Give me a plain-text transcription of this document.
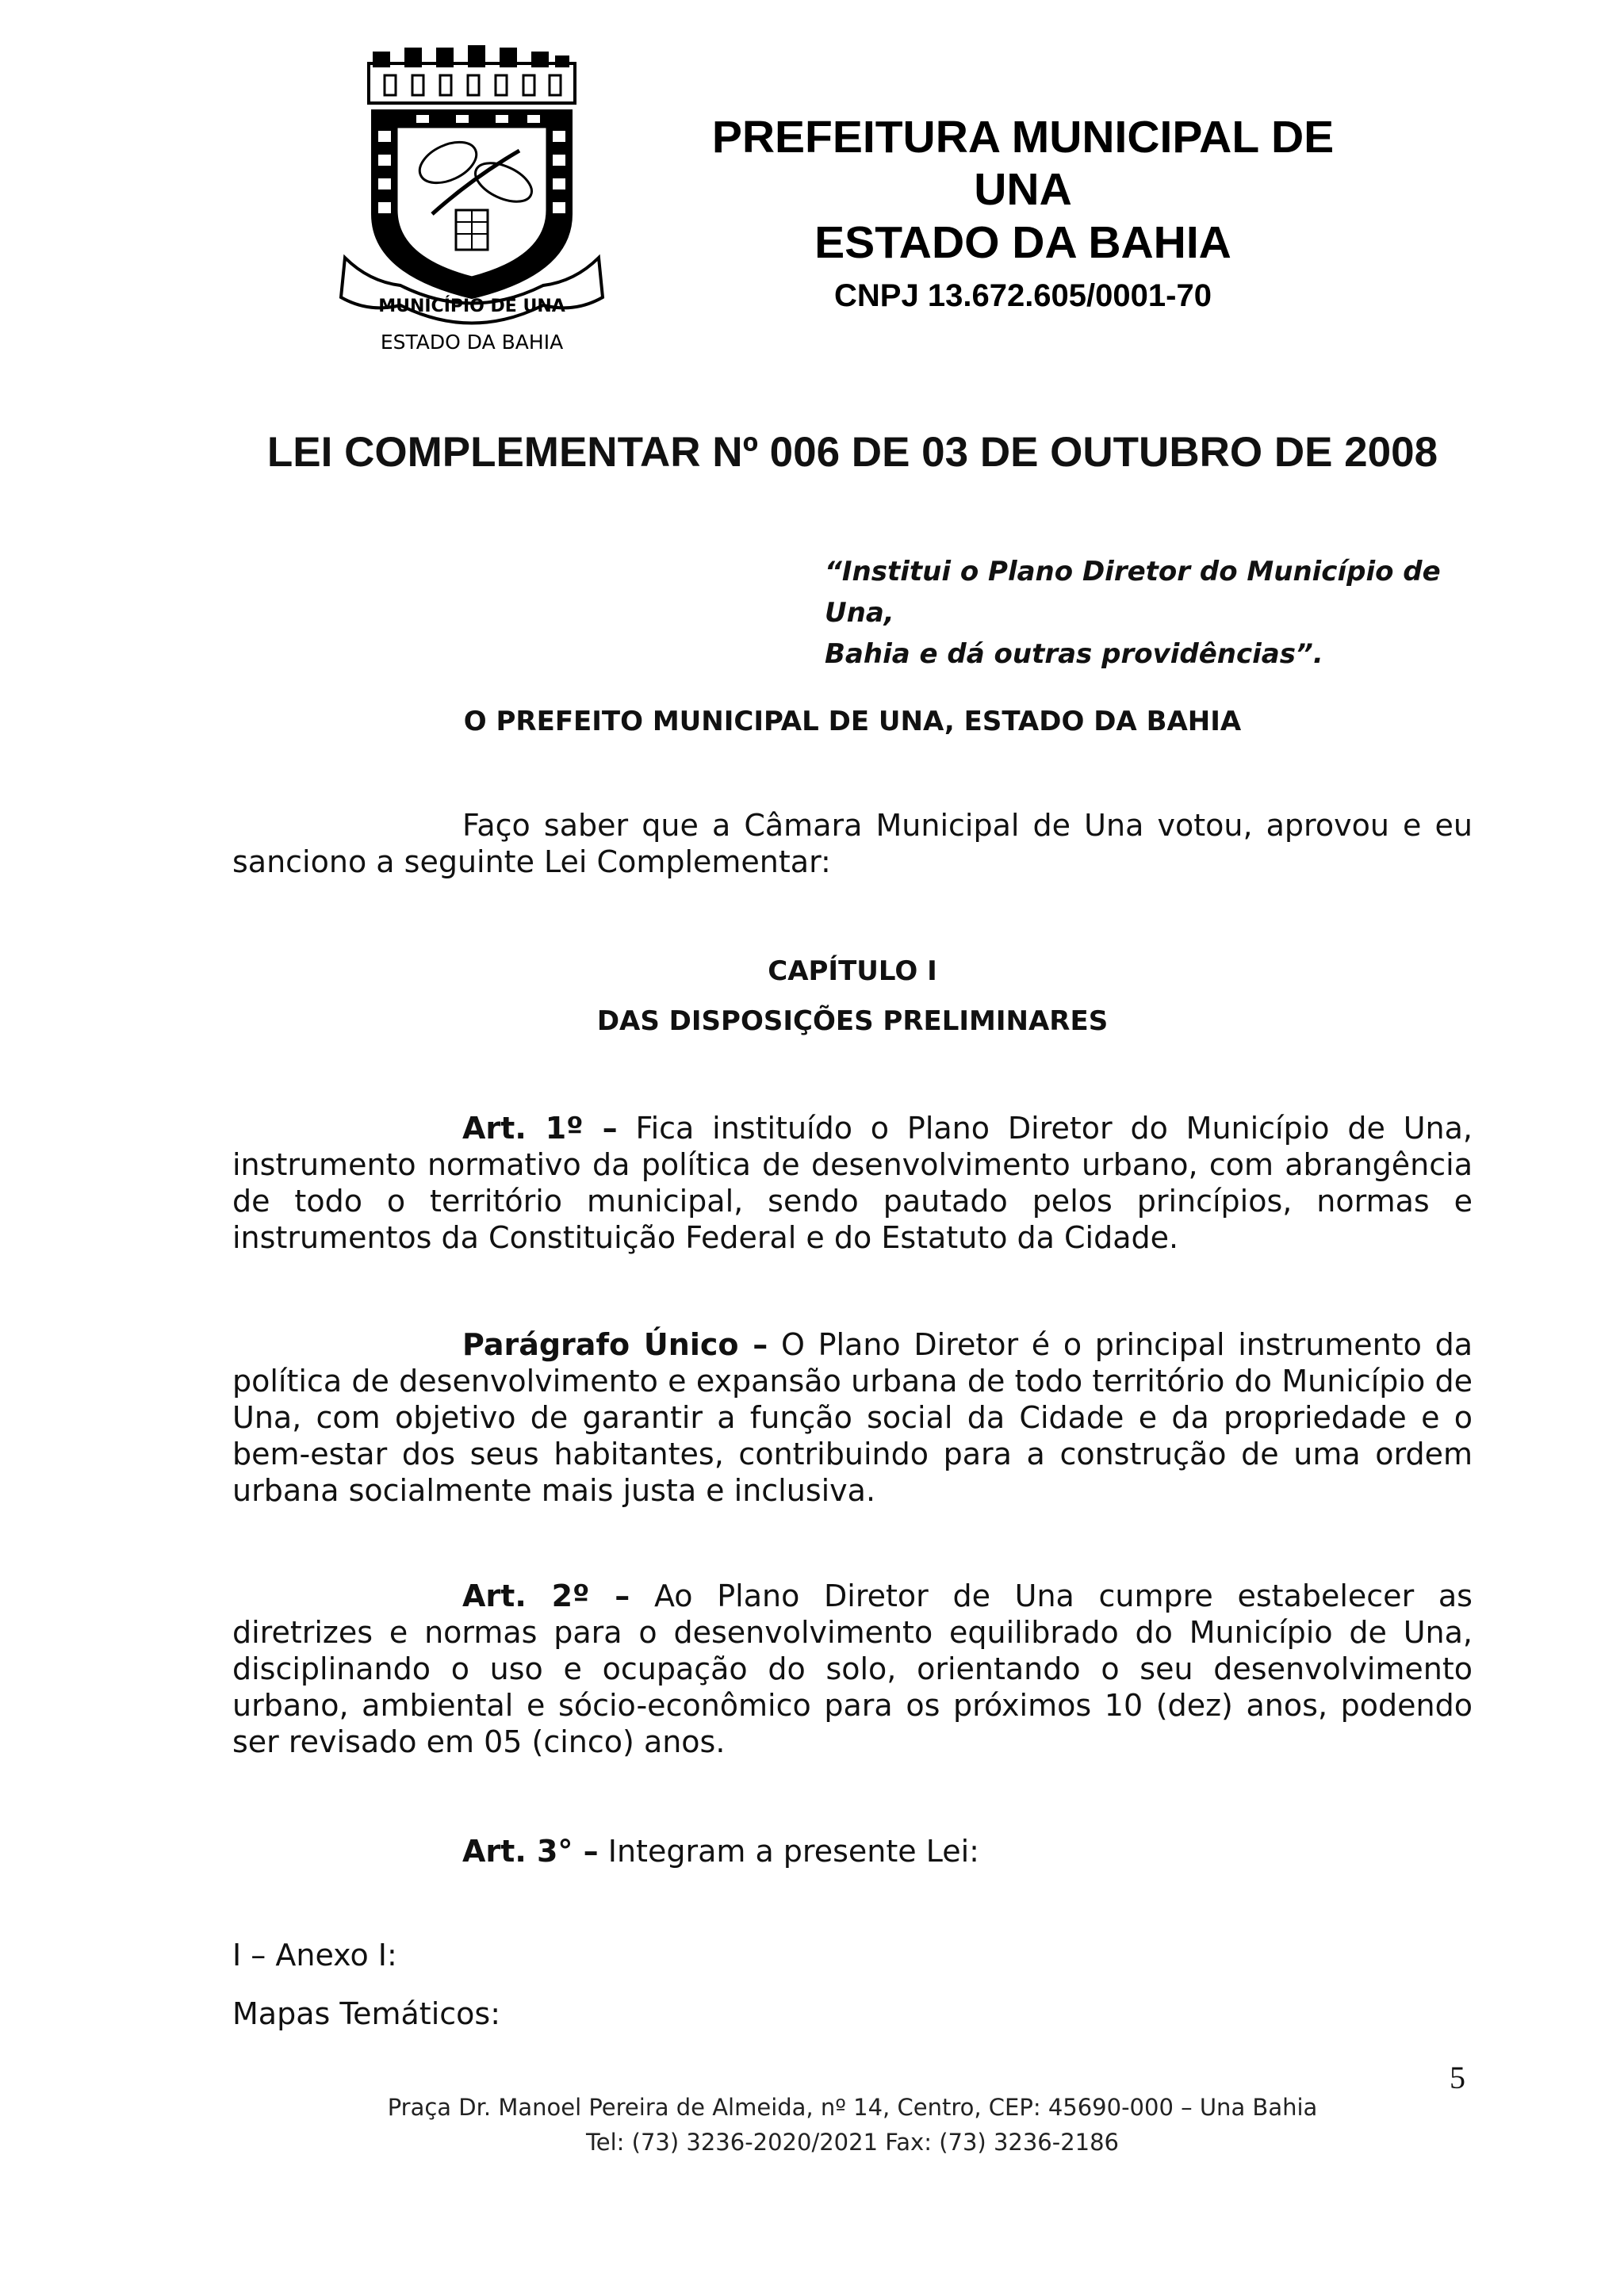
MUNICÍPIO DE UNA
ESTADO DA BAHIA
PREFEITURA MUNICIPAL DE UNA
ESTADO DA BAHIA
CNPJ 13.672.605/0001-70
LEI COMPLEMENTAR Nº 006 DE 03 DE OUTUBRO DE 2008
“Institui o Plano Diretor do Município de Una,
Bahia e dá outras providências”.
O PREFEITO MUNICIPAL DE UNA, ESTADO DA BAHIA
Faço saber que a Câmara Municipal de Una votou, aprovou e eu sanciono a seguinte Lei Complementar:
CAPÍTULO I
DAS DISPOSIÇÕES PRELIMINARES
Art. 1º – Fica instituído o Plano Diretor do Município de Una, instrumento normativo da política de desenvolvimento urbano, com abrangência de todo o território municipal, sendo pautado pelos princípios, normas e instrumentos da Constituição Federal e do Estatuto da Cidade.
Parágrafo Único – O Plano Diretor é o principal instrumento da política de desenvolvimento e expansão urbana de todo território do Município de Una, com objetivo de garantir a função social da Cidade e da propriedade e o bem-estar dos seus habitantes, contribuindo para a construção de uma ordem urbana socialmente mais justa e inclusiva.
Art. 2º – Ao Plano Diretor de Una cumpre estabelecer as diretrizes e normas para o desenvolvimento equilibrado do Município de Una, disciplinando o uso e ocupação do solo, orientando o seu desenvolvimento urbano, ambiental e sócio-econômico para os próximos 10 (dez) anos, podendo ser revisado em 05 (cinco) anos.
Art. 3° – Integram a presente Lei:
I – Anexo I:
Mapas Temáticos:
5
Praça Dr. Manoel Pereira de Almeida, nº 14, Centro, CEP: 45690-000 – Una Bahia
Tel: (73) 3236-2020/2021 Fax: (73) 3236-2186
